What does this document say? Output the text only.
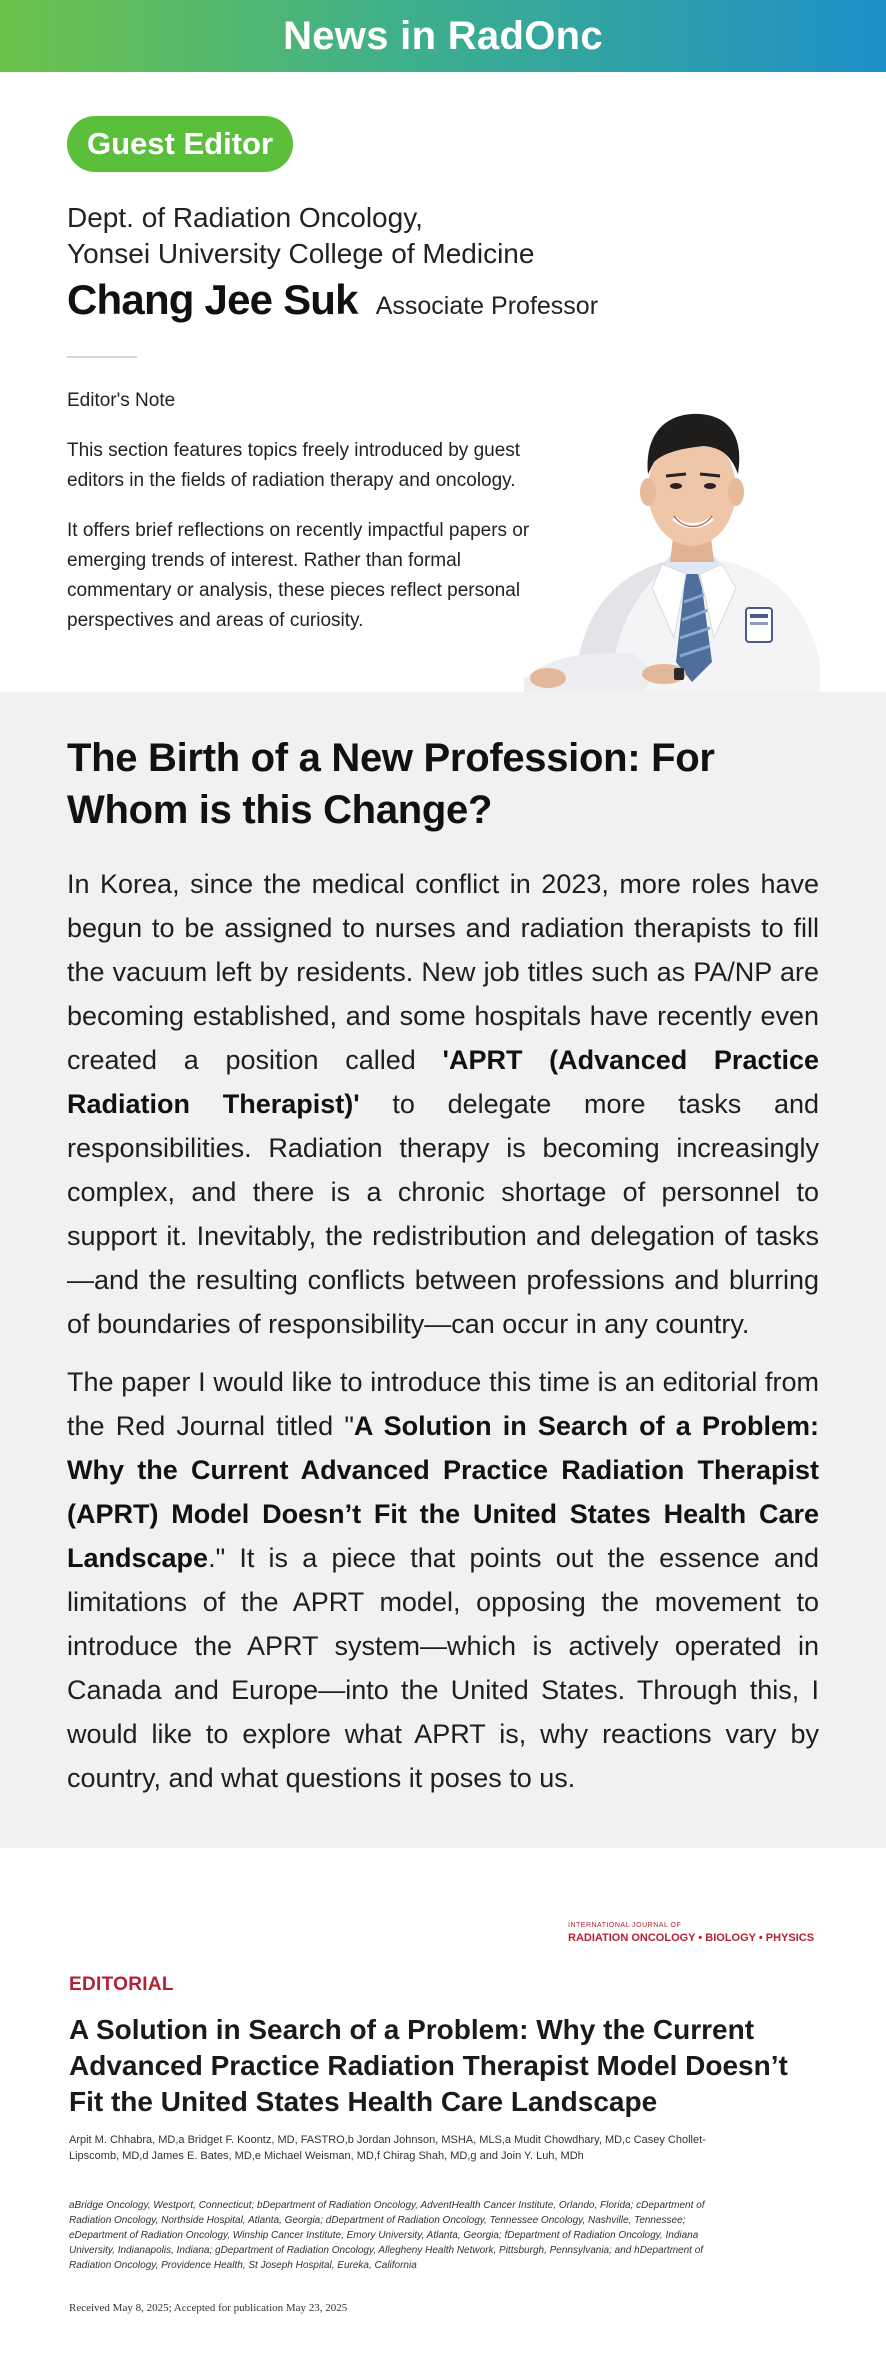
News in RadOnc
Guest Editor
Dept. of Radiation Oncology,
Yonsei University College of Medicine
Chang Jee Suk Associate Professor
Editor's Note

This section features topics freely introduced by guest editors in the fields of radiation therapy and oncology.

It offers brief reflections on recently impactful papers or emerging trends of interest. Rather than formal commentary or analysis, these pieces reflect personal perspectives and areas of curiosity.

The Birth of a New Profession: For Whom is this Change?

In Korea, since the medical conflict in 2023, more roles have begun to be assigned to nurses and radiation therapists to fill the vacuum left by residents. New job titles such as PA/NP are becoming established, and some hospitals have recently even created a position called 'APRT (Advanced Practice Radiation Therapist)' to delegate more tasks and responsibilities. Radiation therapy is becoming increasingly complex, and there is a chronic shortage of personnel to support it. Inevitably, the redistribution and delegation of tasks—and the resulting conflicts between professions and blurring of boundaries of responsibility—can occur in any country.

The paper I would like to introduce this time is an editorial from the Red Journal titled "A Solution in Search of a Problem: Why the Current Advanced Practice Radiation Therapist (APRT) Model Doesn’t Fit the United States Health Care Landscape." It is a piece that points out the essence and limitations of the APRT model, opposing the movement to introduce the APRT system—which is actively operated in Canada and Europe—into the United States. Through this, I would like to explore what APRT is, why reactions vary by country, and what questions it poses to us.

INTERNATIONAL JOURNAL OF
RADIATION ONCOLOGY • BIOLOGY • PHYSICS
EDITORIAL
A Solution in Search of a Problem: Why the Current Advanced Practice Radiation Therapist Model Doesn’t Fit the United States Health Care Landscape
Arpit M. Chhabra, MD,a Bridget F. Koontz, MD, FASTRO,b Jordan Johnson, MSHA, MLS,a Mudit Chowdhary, MD,c Casey Chollet-Lipscomb, MD,d James E. Bates, MD,e Michael Weisman, MD,f Chirag Shah, MD,g and Join Y. Luh, MDh
aBridge Oncology, Westport, Connecticut; bDepartment of Radiation Oncology, AdventHealth Cancer Institute, Orlando, Florida; cDepartment of Radiation Oncology, Northside Hospital, Atlanta, Georgia; dDepartment of Radiation Oncology, Tennessee Oncology, Nashville, Tennessee; eDepartment of Radiation Oncology, Winship Cancer Institute, Emory University, Atlanta, Georgia; fDepartment of Radiation Oncology, Indiana University, Indianapolis, Indiana; gDepartment of Radiation Oncology, Allegheny Health Network, Pittsburgh, Pennsylvania; and hDepartment of Radiation Oncology, Providence Health, St Joseph Hospital, Eureka, California
Received May 8, 2025; Accepted for publication May 23, 2025
